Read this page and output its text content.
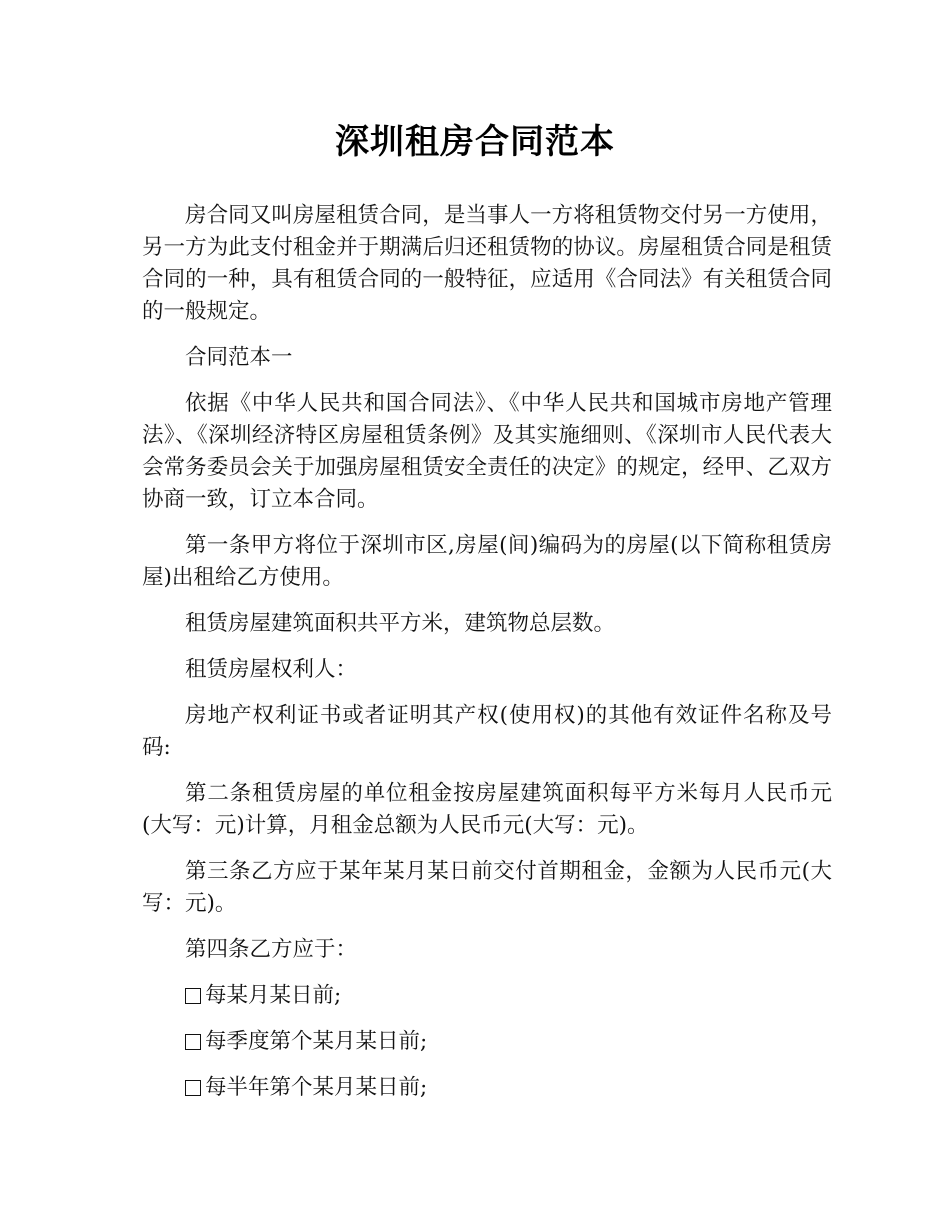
深圳租房合同范本

房合同又叫房屋租赁合同，是当事人一方将租赁物交付另一方使用，另一方为此支付租金并于期满后归还租赁物的协议。房屋租赁合同是租赁合同的一种，具有租赁合同的一般特征，应适用《合同法》有关租赁合同的一般规定。

合同范本一

依据《中华人民共和国合同法》、《中华人民共和国城市房地产管理法》、《深圳经济特区房屋租赁条例》及其实施细则、《深圳市人民代表大会常务委员会关于加强房屋租赁安全责任的决定》的规定，经甲、乙双方协商一致，订立本合同。

第一条甲方将位于深圳市区,房屋(间)编码为的房屋(以下简称租赁房屋)出租给乙方使用。

租赁房屋建筑面积共平方米，建筑物总层数。

租赁房屋权利人：

房地产权利证书或者证明其产权(使用权)的其他有效证件名称及号码:

第二条租赁房屋的单位租金按房屋建筑面积每平方米每月人民币元(大写：元)计算，月租金总额为人民币元(大写：元)。

第三条乙方应于某年某月某日前交付首期租金，金额为人民币元(大写：元)。

第四条乙方应于：

每某月某日前;

每季度第个某月某日前;

每半年第个某月某日前;
